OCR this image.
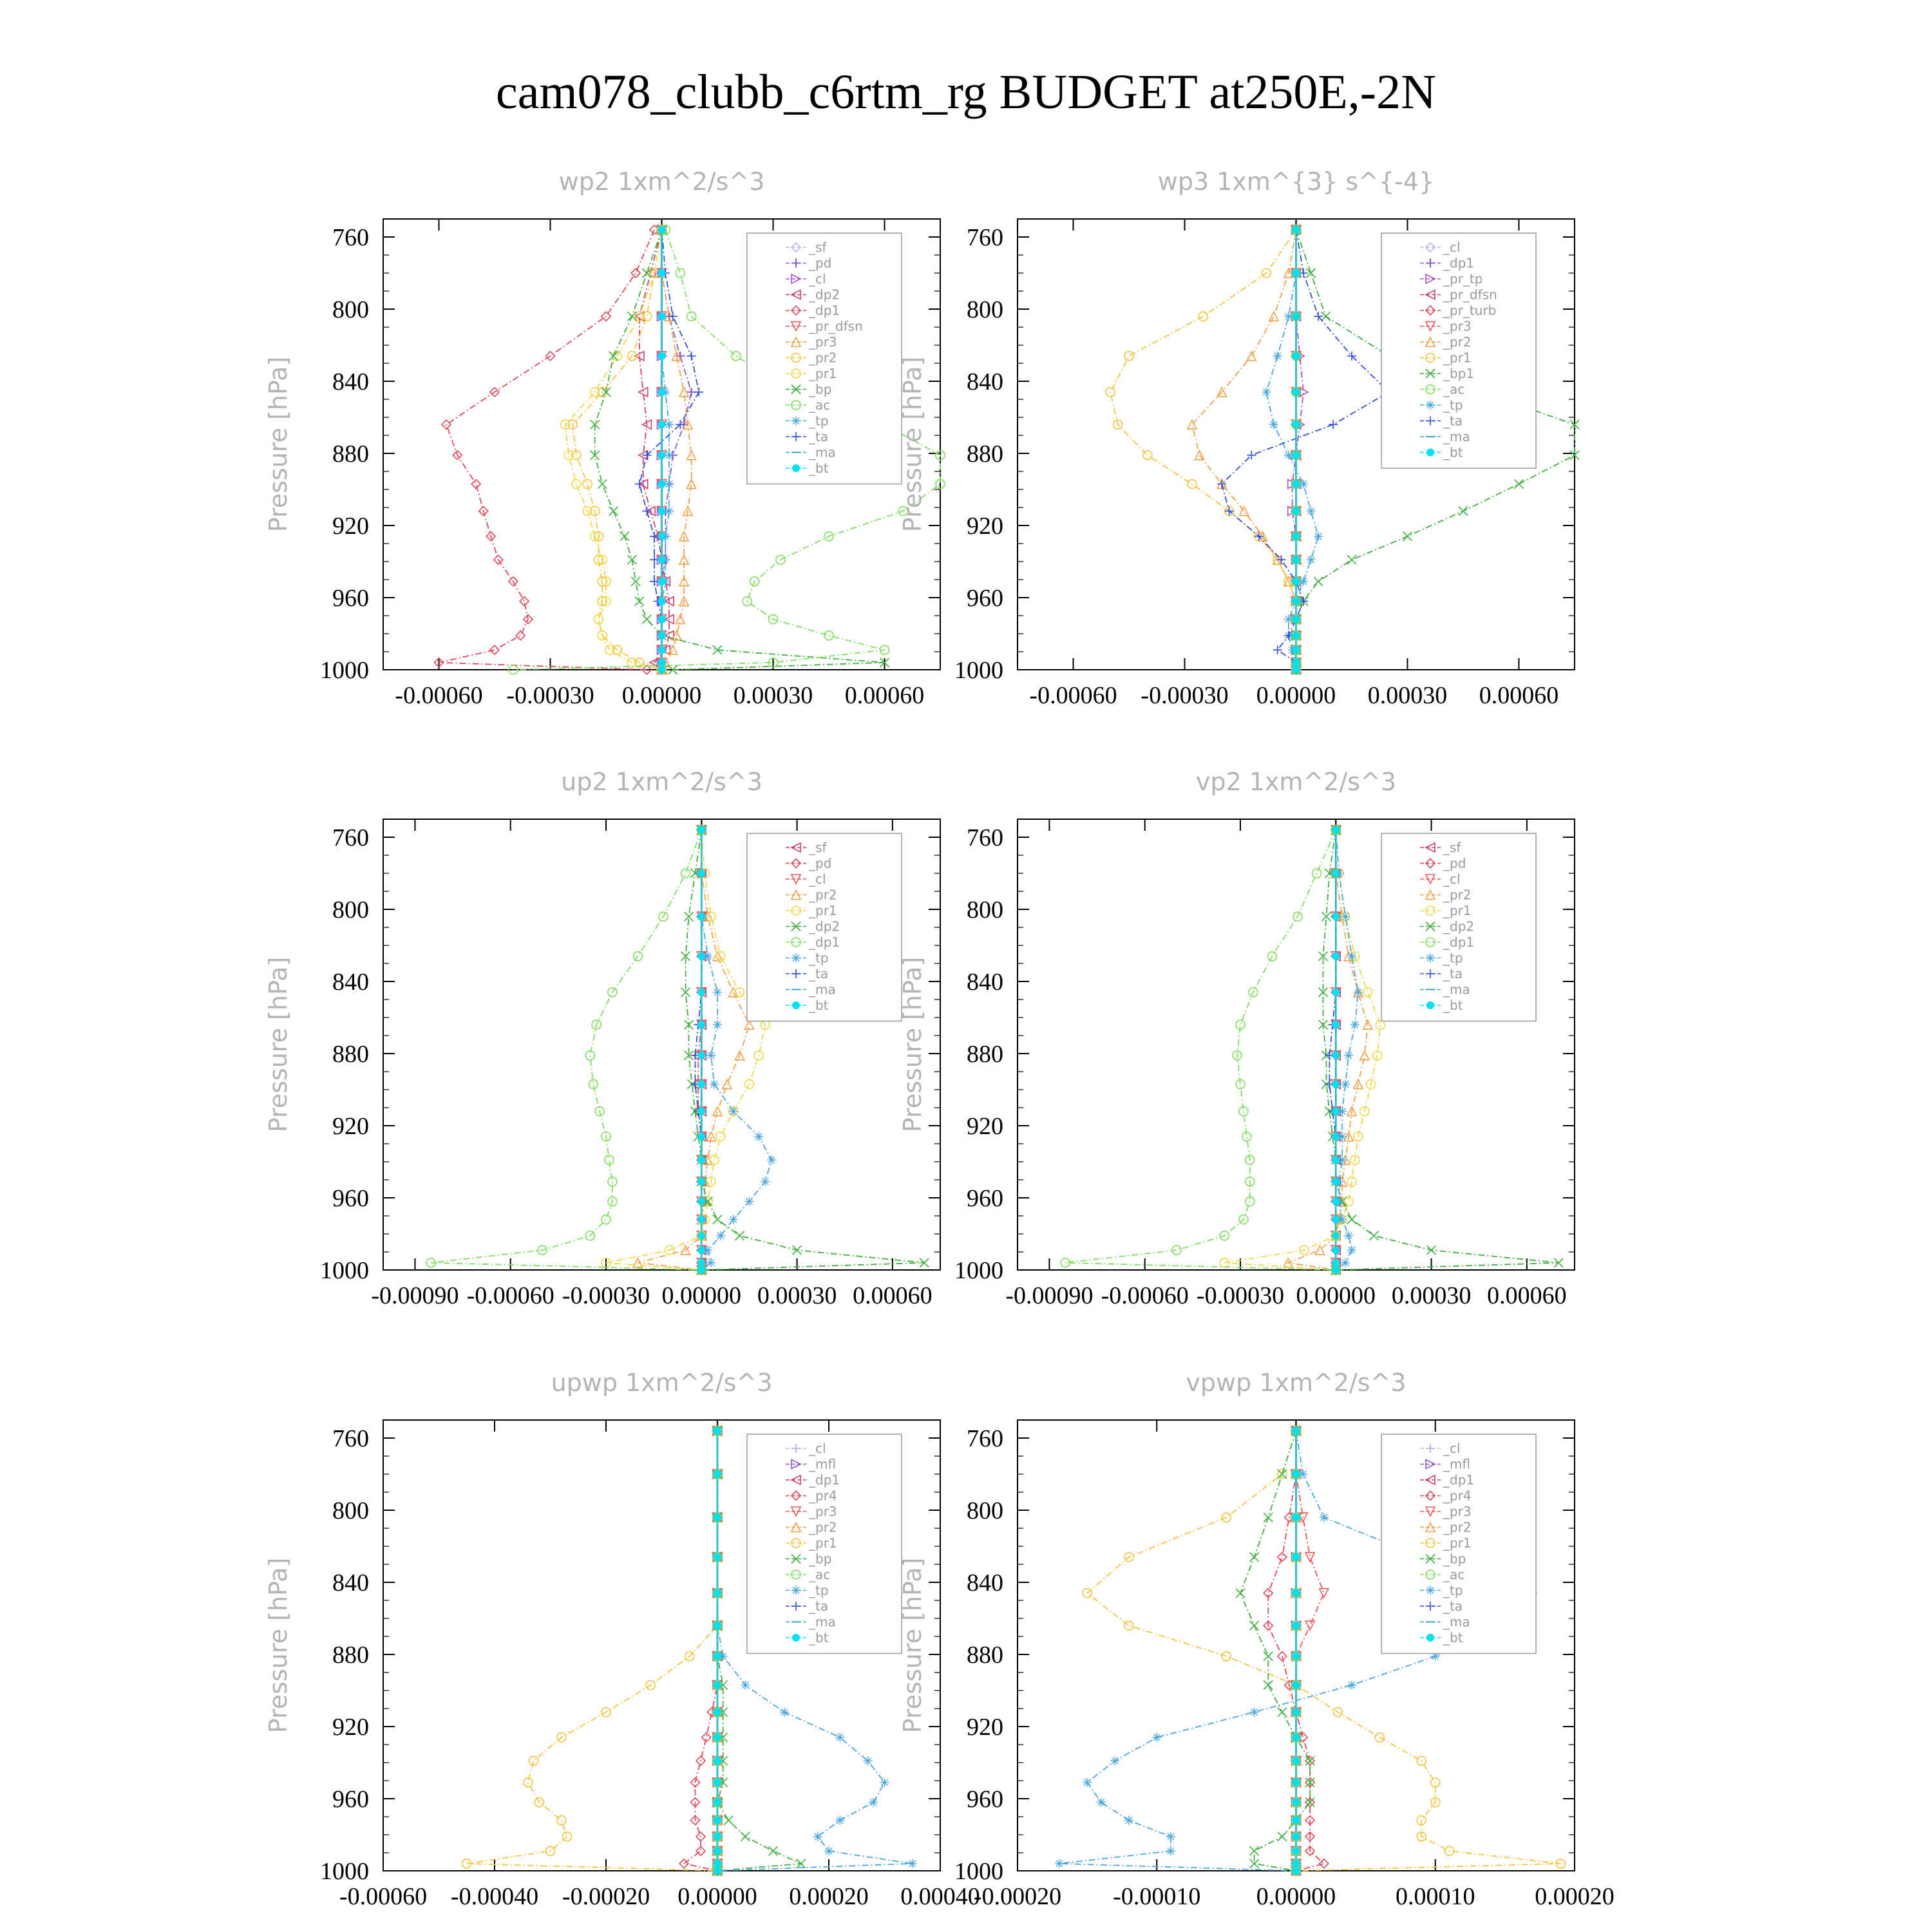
cam078_clubb_c6rtm_rg BUDGET at250E,-2N
wp2 1xm^2/s^3
Pressure [hPa]
760
800
840
880
920
960
1000
-0.00060 -0.00030 0.00000 0.00030 0.00060
_sf
_pd
_cl
_dp2
_dp1
_pr_dfsn
_pr3
_pr2
_pr1
_bp
_ac
_tp
_ta
_ma
_bt
wp3 1xm^{3} s^{-4}
Pressure [hPa]
760
800
840
880
920
960
1000
-0.00060 -0.00030 0.00000 0.00030 0.00060
_cl
_dp1
_pr_tp
_pr_dfsn
_pr_turb
_pr3
_pr2
_pr1
_bp1
_ac
_tp
_ta
_ma
_bt
up2 1xm^2/s^3
Pressure [hPa]
760
800
840
880
920
960
1000
-0.00090 -0.00060 -0.00030 0.00000 0.00030 0.00060
_sf
_pd
_cl
_pr2
_pr1
_dp2
_dp1
_tp
_ta
_ma
_bt
vp2 1xm^2/s^3
Pressure [hPa]
760
800
840
880
920
960
1000
-0.00090 -0.00060 -0.00030 0.00000 0.00030 0.00060
_sf
_pd
_cl
_pr2
_pr1
_dp2
_dp1
_tp
_ta
_ma
_bt
upwp 1xm^2/s^3
Pressure [hPa]
760
800
840
880
920
960
1000
-0.00060 -0.00040 -0.00020 0.00000 0.00020 0.00040
_cl
_mfl
_dp1
_pr4
_pr3
_pr2
_pr1
_bp
_ac
_tp
_ta
_ma
_bt
vpwp 1xm^2/s^3
Pressure [hPa]
760
800
840
880
920
960
1000
-0.00020 -0.00010 0.00000 0.00010 0.00020
_cl
_mfl
_dp1
_pr4
_pr3
_pr2
_pr1
_bp
_ac
_tp
_ta
_ma
_bt
